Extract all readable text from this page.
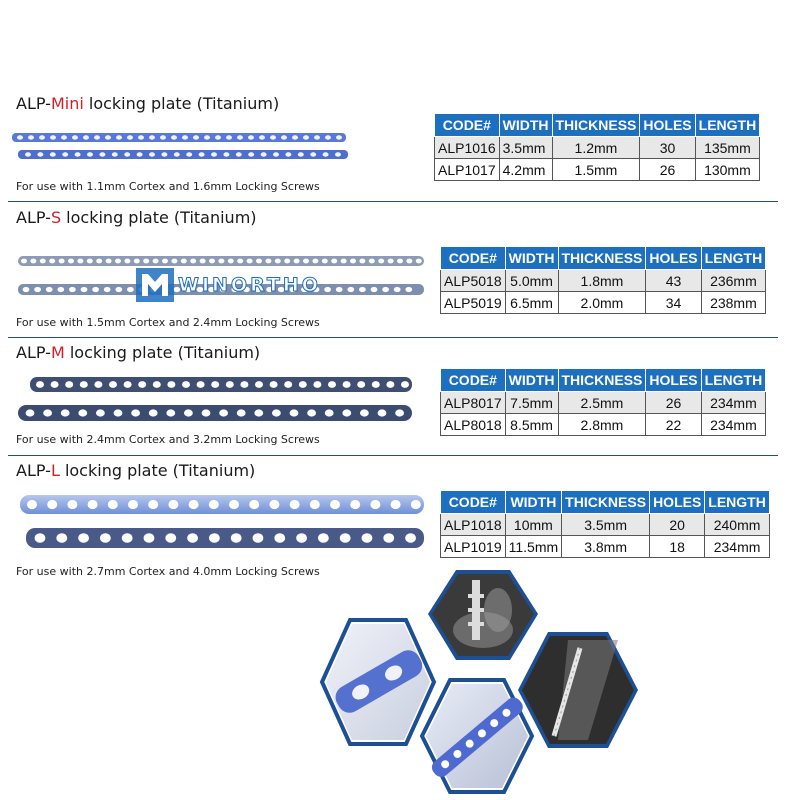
ALP-Mini locking plate (Titanium)
For use with 1.1mm Cortex and 1.6mm Locking Screws
CODE#	WIDTH	THICKNESS	HOLES	LENGTH
ALP1016	3.5mm	1.2mm	30	135mm
ALP1017	4.2mm	1.5mm	26	130mm
ALP-S locking plate (Titanium)
WINORTHO
For use with 1.5mm Cortex and 2.4mm Locking Screws
CODE#	WIDTH	THICKNESS	HOLES	LENGTH
ALP5018	5.0mm	1.8mm	43	236mm
ALP5019	6.5mm	2.0mm	34	238mm
ALP-M locking plate (Titanium)
For use with 2.4mm Cortex and 3.2mm Locking Screws
CODE#	WIDTH	THICKNESS	HOLES	LENGTH
ALP8017	7.5mm	2.5mm	26	234mm
ALP8018	8.5mm	2.8mm	22	234mm
ALP-L locking plate (Titanium)
For use with 2.7mm Cortex and 4.0mm Locking Screws
CODE#	WIDTH	THICKNESS	HOLES	LENGTH
ALP1018	10mm	3.5mm	20	240mm
ALP1019	11.5mm	3.8mm	18	234mm
